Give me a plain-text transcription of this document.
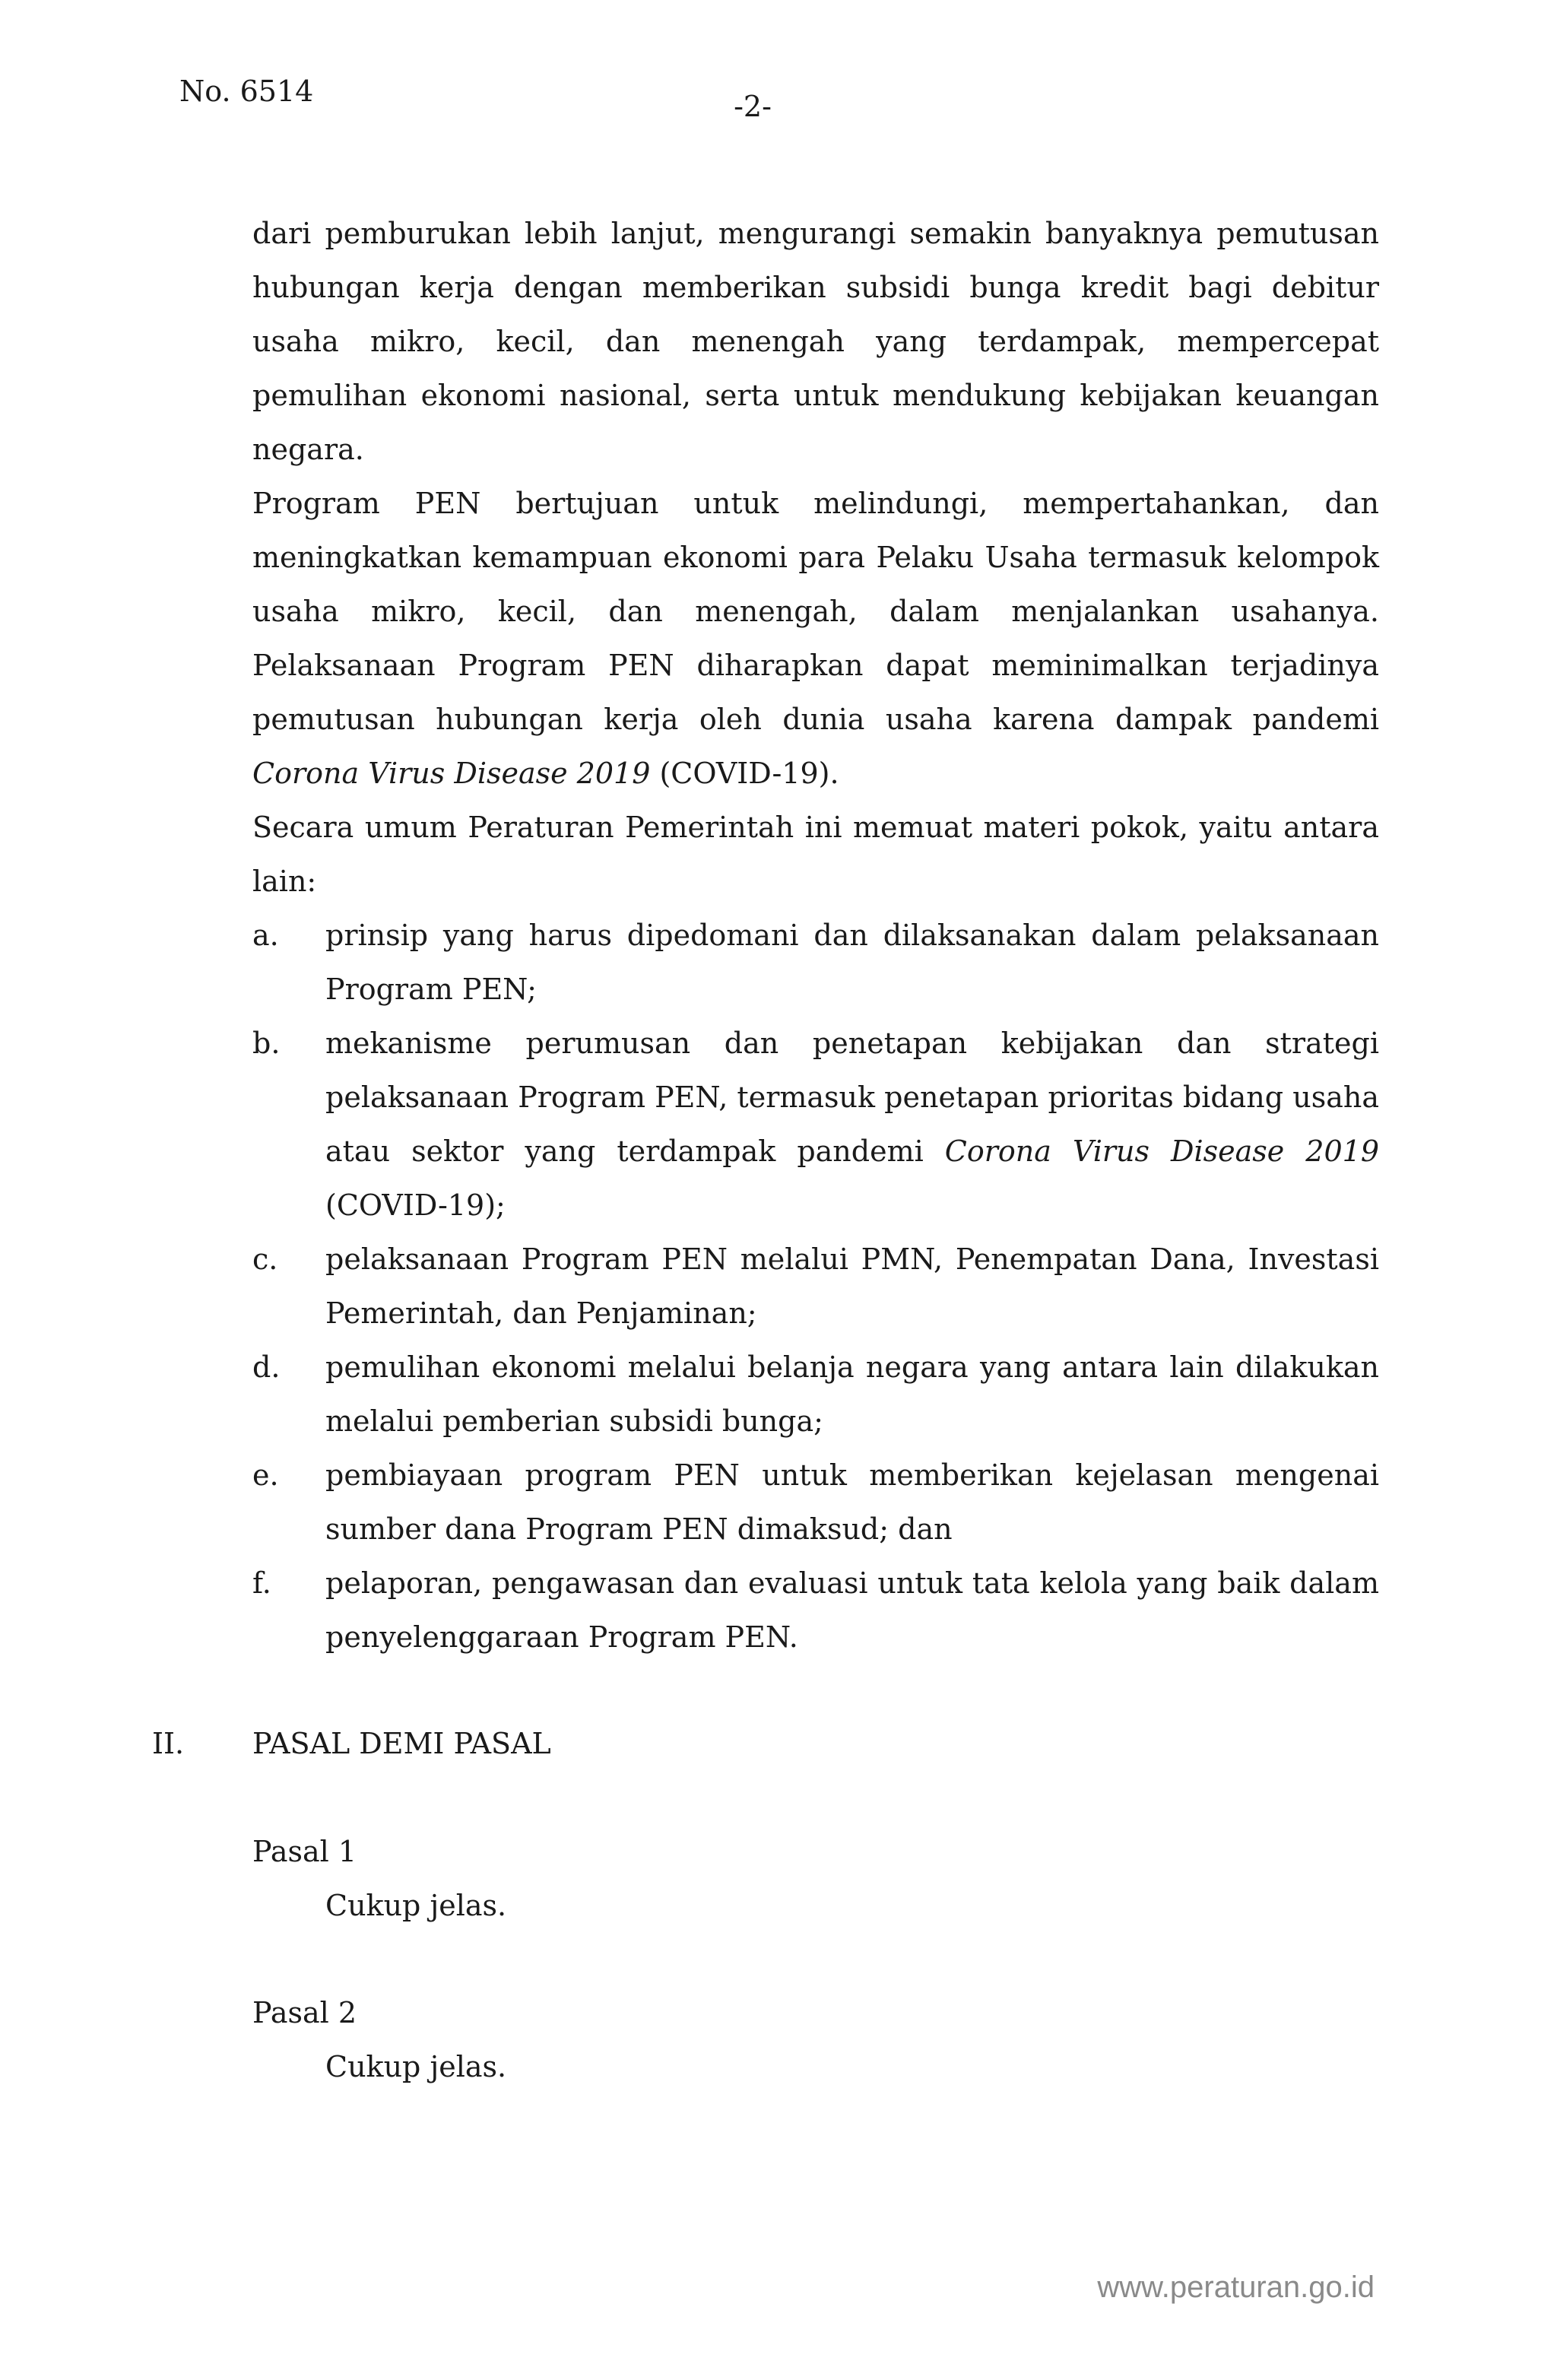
No. 6514	-2-

dari pemburukan lebih lanjut, mengurangi semakin banyaknya pemutusan hubungan kerja dengan memberikan subsidi bunga kredit bagi debitur usaha mikro, kecil, dan menengah yang terdampak, mempercepat pemulihan ekonomi nasional, serta untuk mendukung kebijakan keuangan negara.

Program PEN bertujuan untuk melindungi, mempertahankan, dan meningkatkan kemampuan ekonomi para Pelaku Usaha termasuk kelompok usaha mikro, kecil, dan menengah, dalam menjalankan usahanya. Pelaksanaan Program PEN diharapkan dapat meminimalkan terjadinya pemutusan hubungan kerja oleh dunia usaha karena dampak pandemi Corona Virus Disease 2019 (COVID-19).

Secara umum Peraturan Pemerintah ini memuat materi pokok, yaitu antara lain:

a.	prinsip yang harus dipedomani dan dilaksanakan dalam pelaksanaan Program PEN;
b.	mekanisme perumusan dan penetapan kebijakan dan strategi pelaksanaan Program PEN, termasuk penetapan prioritas bidang usaha atau sektor yang terdampak pandemi Corona Virus Disease 2019 (COVID-19);
c.	pelaksanaan Program PEN melalui PMN, Penempatan Dana, Investasi Pemerintah, dan Penjaminan;
d.	pemulihan ekonomi melalui belanja negara yang antara lain dilakukan melalui pemberian subsidi bunga;
e.	pembiayaan program PEN untuk memberikan kejelasan mengenai sumber dana Program PEN dimaksud; dan
f.	pelaporan, pengawasan dan evaluasi untuk tata kelola yang baik dalam penyelenggaraan Program PEN.
II.	PASAL DEMI PASAL

Pasal 1

Cukup jelas.

Pasal 2

Cukup jelas.

www.peraturan.go.id
